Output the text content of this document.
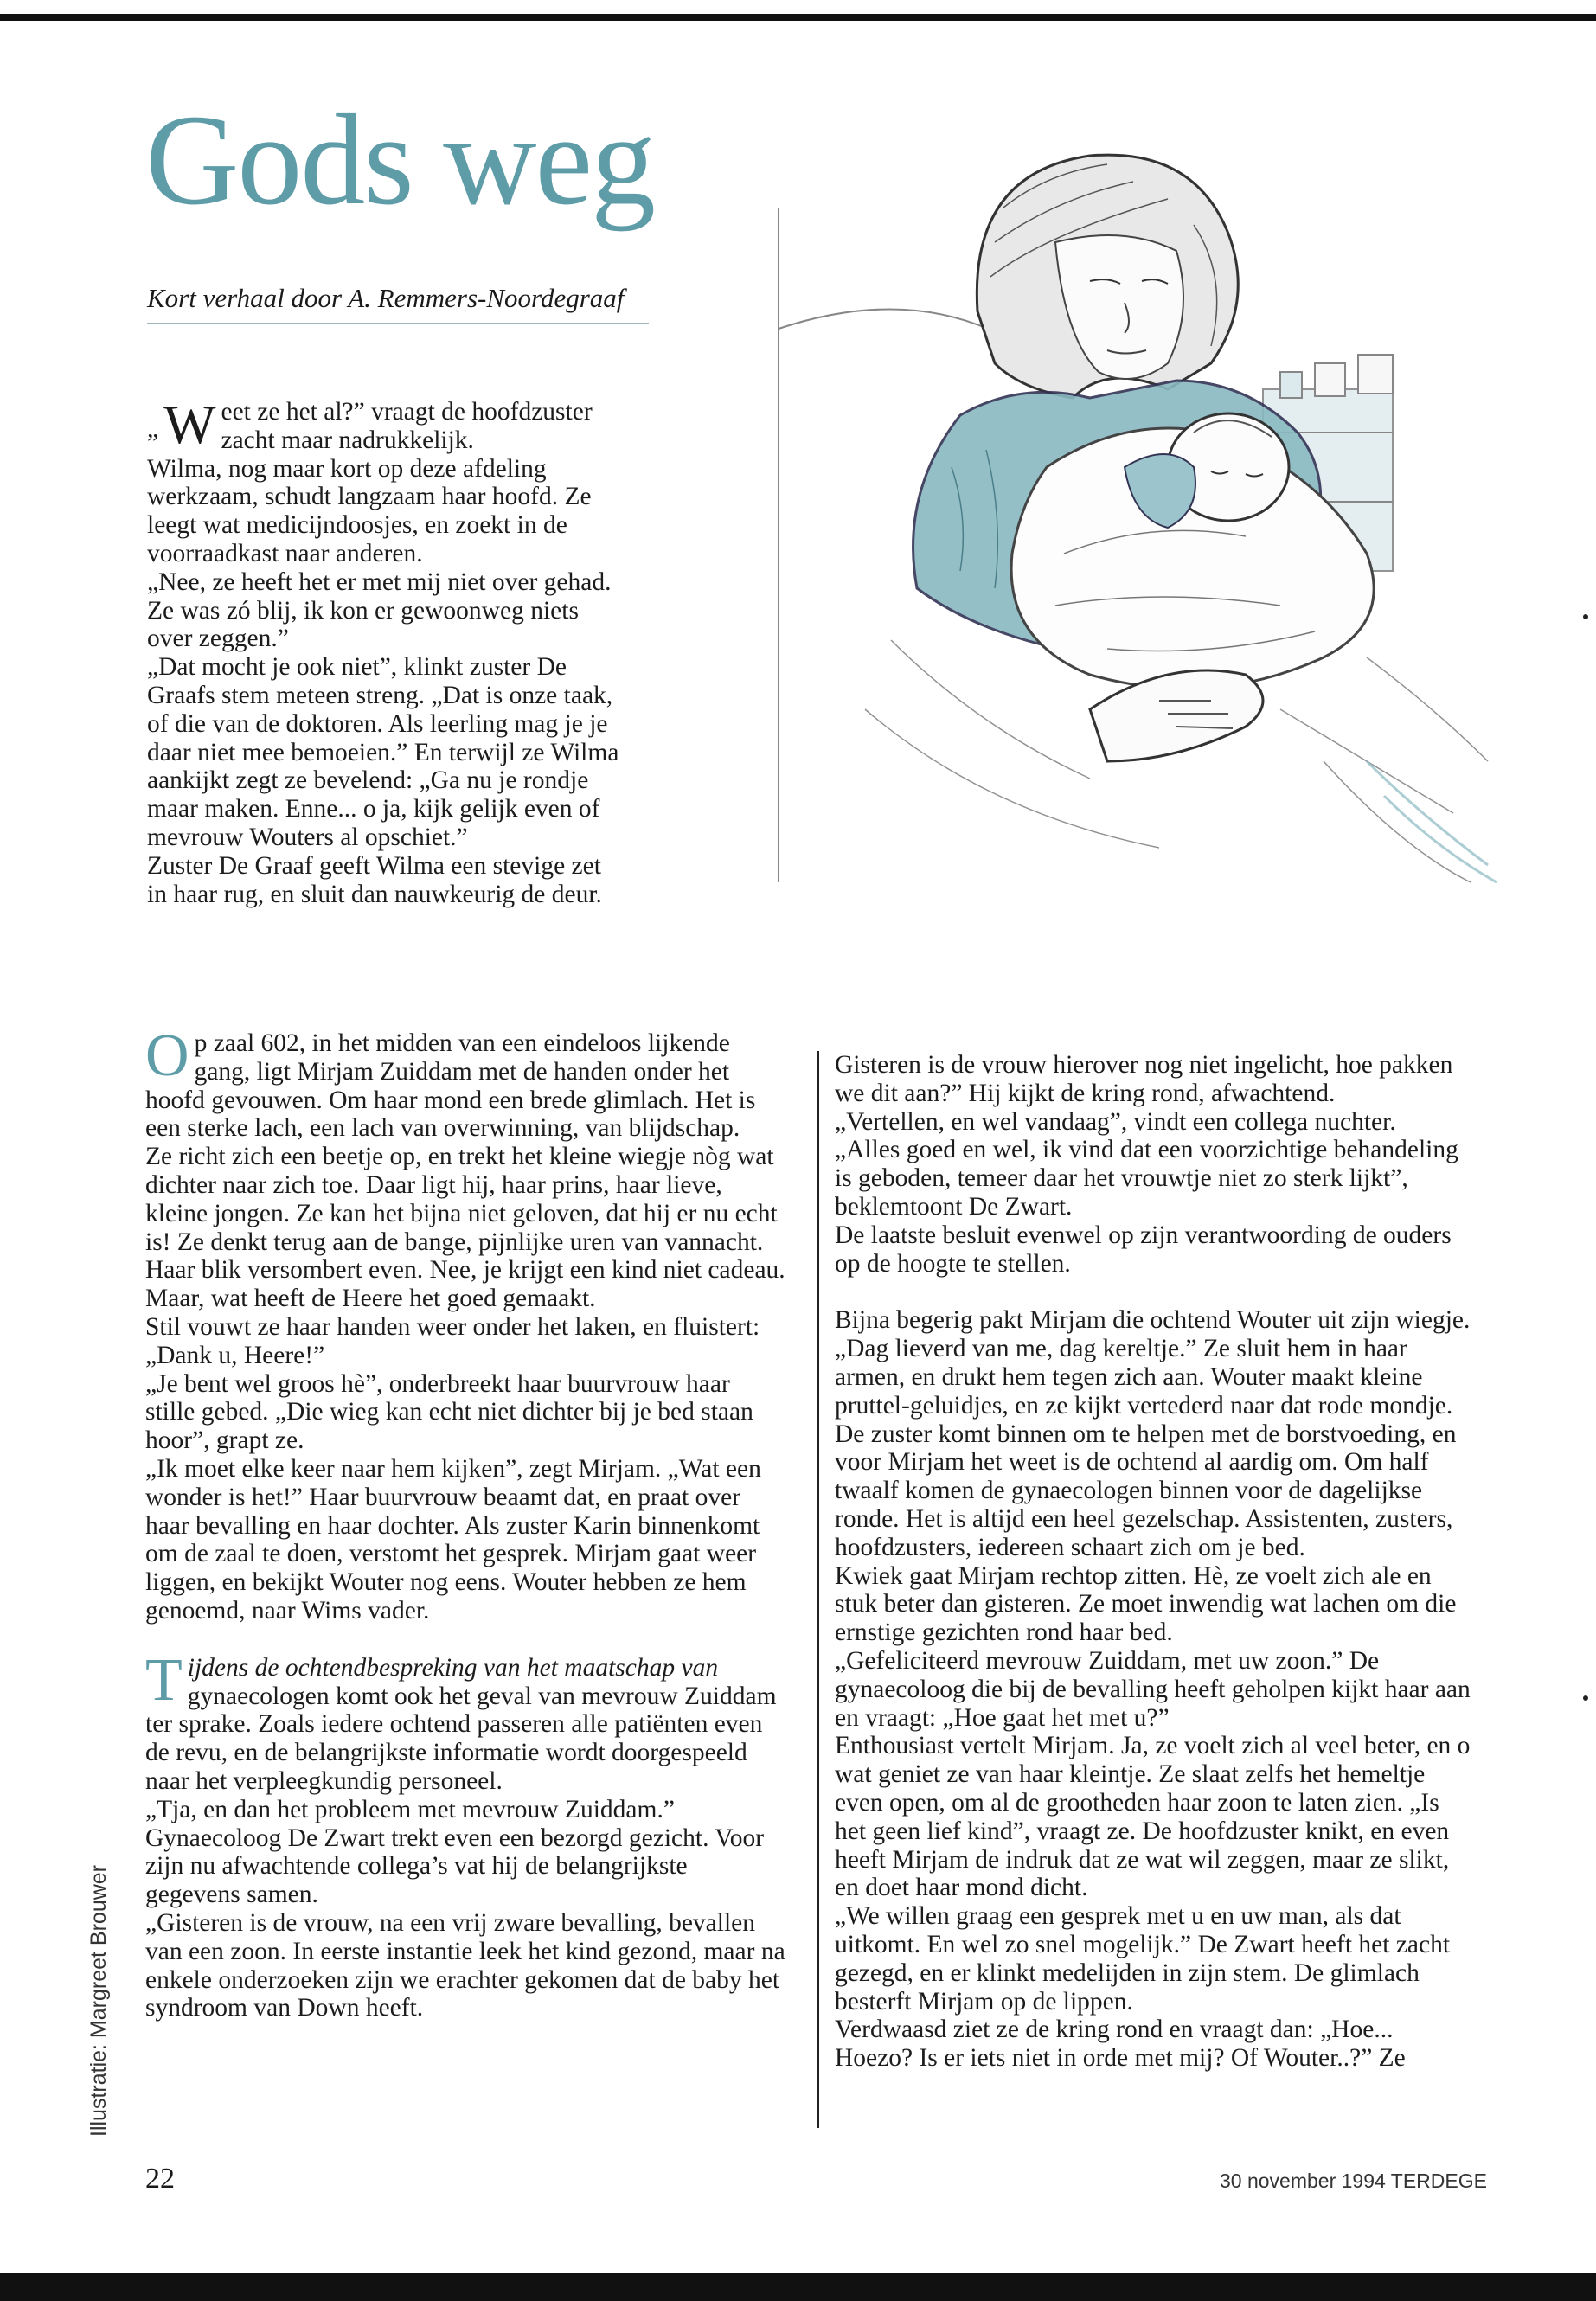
Gods weg
Kort verhaal door A. Remmers-Noordegraaf

„ W eet ze het al?” vraagt de hoofdzuster zacht maar nadrukkelijk.

Wilma, nog maar kort op deze afdeling werkzaam, schudt langzaam haar hoofd. Ze leegt wat medicijndoosjes, en zoekt in de voorraadkast naar anderen.

„Nee, ze heeft het er met mij niet over gehad. Ze was zó blij, ik kon er gewoonweg niets over zeggen.”

„Dat mocht je ook niet”, klinkt zuster De Graafs stem meteen streng. „Dat is onze taak, of die van de doktoren. Als leerling mag je je daar niet mee bemoeien.” En terwijl ze Wilma aankijkt zegt ze bevelend: „Ga nu je rondje maar maken. Enne... o ja, kijk gelijk even of mevrouw Wouters al opschiet.”

Zuster De Graaf geeft Wilma een stevige zet in haar rug, en sluit dan nauwkeurig de deur.

O p zaal 602, in het midden van een eindeloos lijkende gang, ligt Mirjam Zuiddam met de handen onder het hoofd gevouwen. Om haar mond een brede glimlach. Het is een sterke lach, een lach van overwinning, van blijdschap.

Ze richt zich een beetje op, en trekt het kleine wiegje nòg wat dichter naar zich toe. Daar ligt hij, haar prins, haar lieve, kleine jongen. Ze kan het bijna niet geloven, dat hij er nu echt is! Ze denkt terug aan de bange, pijnlijke uren van vannacht. Haar blik versombert even. Nee, je krijgt een kind niet cadeau. Maar, wat heeft de Heere het goed gemaakt.

Stil vouwt ze haar handen weer onder het laken, en fluistert: „Dank u, Heere!”

„Je bent wel groos hè”, onderbreekt haar buurvrouw haar stille gebed. „Die wieg kan echt niet dichter bij je bed staan hoor”, grapt ze.

„Ik moet elke keer naar hem kijken”, zegt Mirjam. „Wat een wonder is het!” Haar buurvrouw beaamt dat, en praat over haar bevalling en haar dochter. Als zuster Karin binnenkomt om de zaal te doen, verstomt het gesprek. Mirjam gaat weer liggen, en bekijkt Wouter nog eens. Wouter hebben ze hem genoemd, naar Wims vader.

T ijdens de ochtendbespreking van het maatschap van gynaecologen komt ook het geval van mevrouw Zuiddam ter sprake. Zoals iedere ochtend passeren alle patiënten even de revu, en de belangrijkste informatie wordt doorgespeeld naar het verpleegkundig personeel.

„Tja, en dan het probleem met mevrouw Zuiddam.” Gynaecoloog De Zwart trekt even een bezorgd gezicht. Voor zijn nu afwachtende collega’s vat hij de belangrijkste gegevens samen.

„Gisteren is de vrouw, na een vrij zware bevalling, bevallen van een zoon. In eerste instantie leek het kind gezond, maar na enkele onderzoeken zijn we erachter gekomen dat de baby het syndroom van Down heeft.

Gisteren is de vrouw hierover nog niet ingelicht, hoe pakken we dit aan?” Hij kijkt de kring rond, afwachtend.

„Vertellen, en wel vandaag”, vindt een collega nuchter.

„Alles goed en wel, ik vind dat een voorzichtige behandeling is geboden, temeer daar het vrouwtje niet zo sterk lijkt”, beklemtoont De Zwart.

De laatste besluit evenwel op zijn verantwoording de ouders op de hoogte te stellen.

Bijna begerig pakt Mirjam die ochtend Wouter uit zijn wiegje. „Dag lieverd van me, dag kereltje.” Ze sluit hem in haar armen, en drukt hem tegen zich aan. Wouter maakt kleine pruttel-geluidjes, en ze kijkt vertederd naar dat rode mondje.

De zuster komt binnen om te helpen met de borstvoeding, en voor Mirjam het weet is de ochtend al aardig om. Om half twaalf komen de gynaecologen binnen voor de dagelijkse ronde. Het is altijd een heel gezelschap. Assistenten, zusters, hoofdzusters, iedereen schaart zich om je bed.

Kwiek gaat Mirjam rechtop zitten. Hè, ze voelt zich ale en stuk beter dan gisteren. Ze moet inwendig wat lachen om die ernstige gezichten rond haar bed.

„Gefeliciteerd mevrouw Zuiddam, met uw zoon.” De gynaecoloog die bij de bevalling heeft geholpen kijkt haar aan en vraagt: „Hoe gaat het met u?”

Enthousiast vertelt Mirjam. Ja, ze voelt zich al veel beter, en o wat geniet ze van haar kleintje. Ze slaat zelfs het hemeltje even open, om al de grootheden haar zoon te laten zien. „Is het geen lief kind”, vraagt ze. De hoofdzuster knikt, en even heeft Mirjam de indruk dat ze wat wil zeggen, maar ze slikt, en doet haar mond dicht.

„We willen graag een gesprek met u en uw man, als dat uitkomt. En wel zo snel mogelijk.” De Zwart heeft het zacht gezegd, en er klinkt medelijden in zijn stem. De glimlach besterft Mirjam op de lippen.

Verdwaasd ziet ze de kring rond en vraagt dan: „Hoe... Hoezo? Is er iets niet in orde met mij? Of Wouter..?” Ze

Illustratie: Margreet Brouwer
22	30 november 1994 TERDEGE
